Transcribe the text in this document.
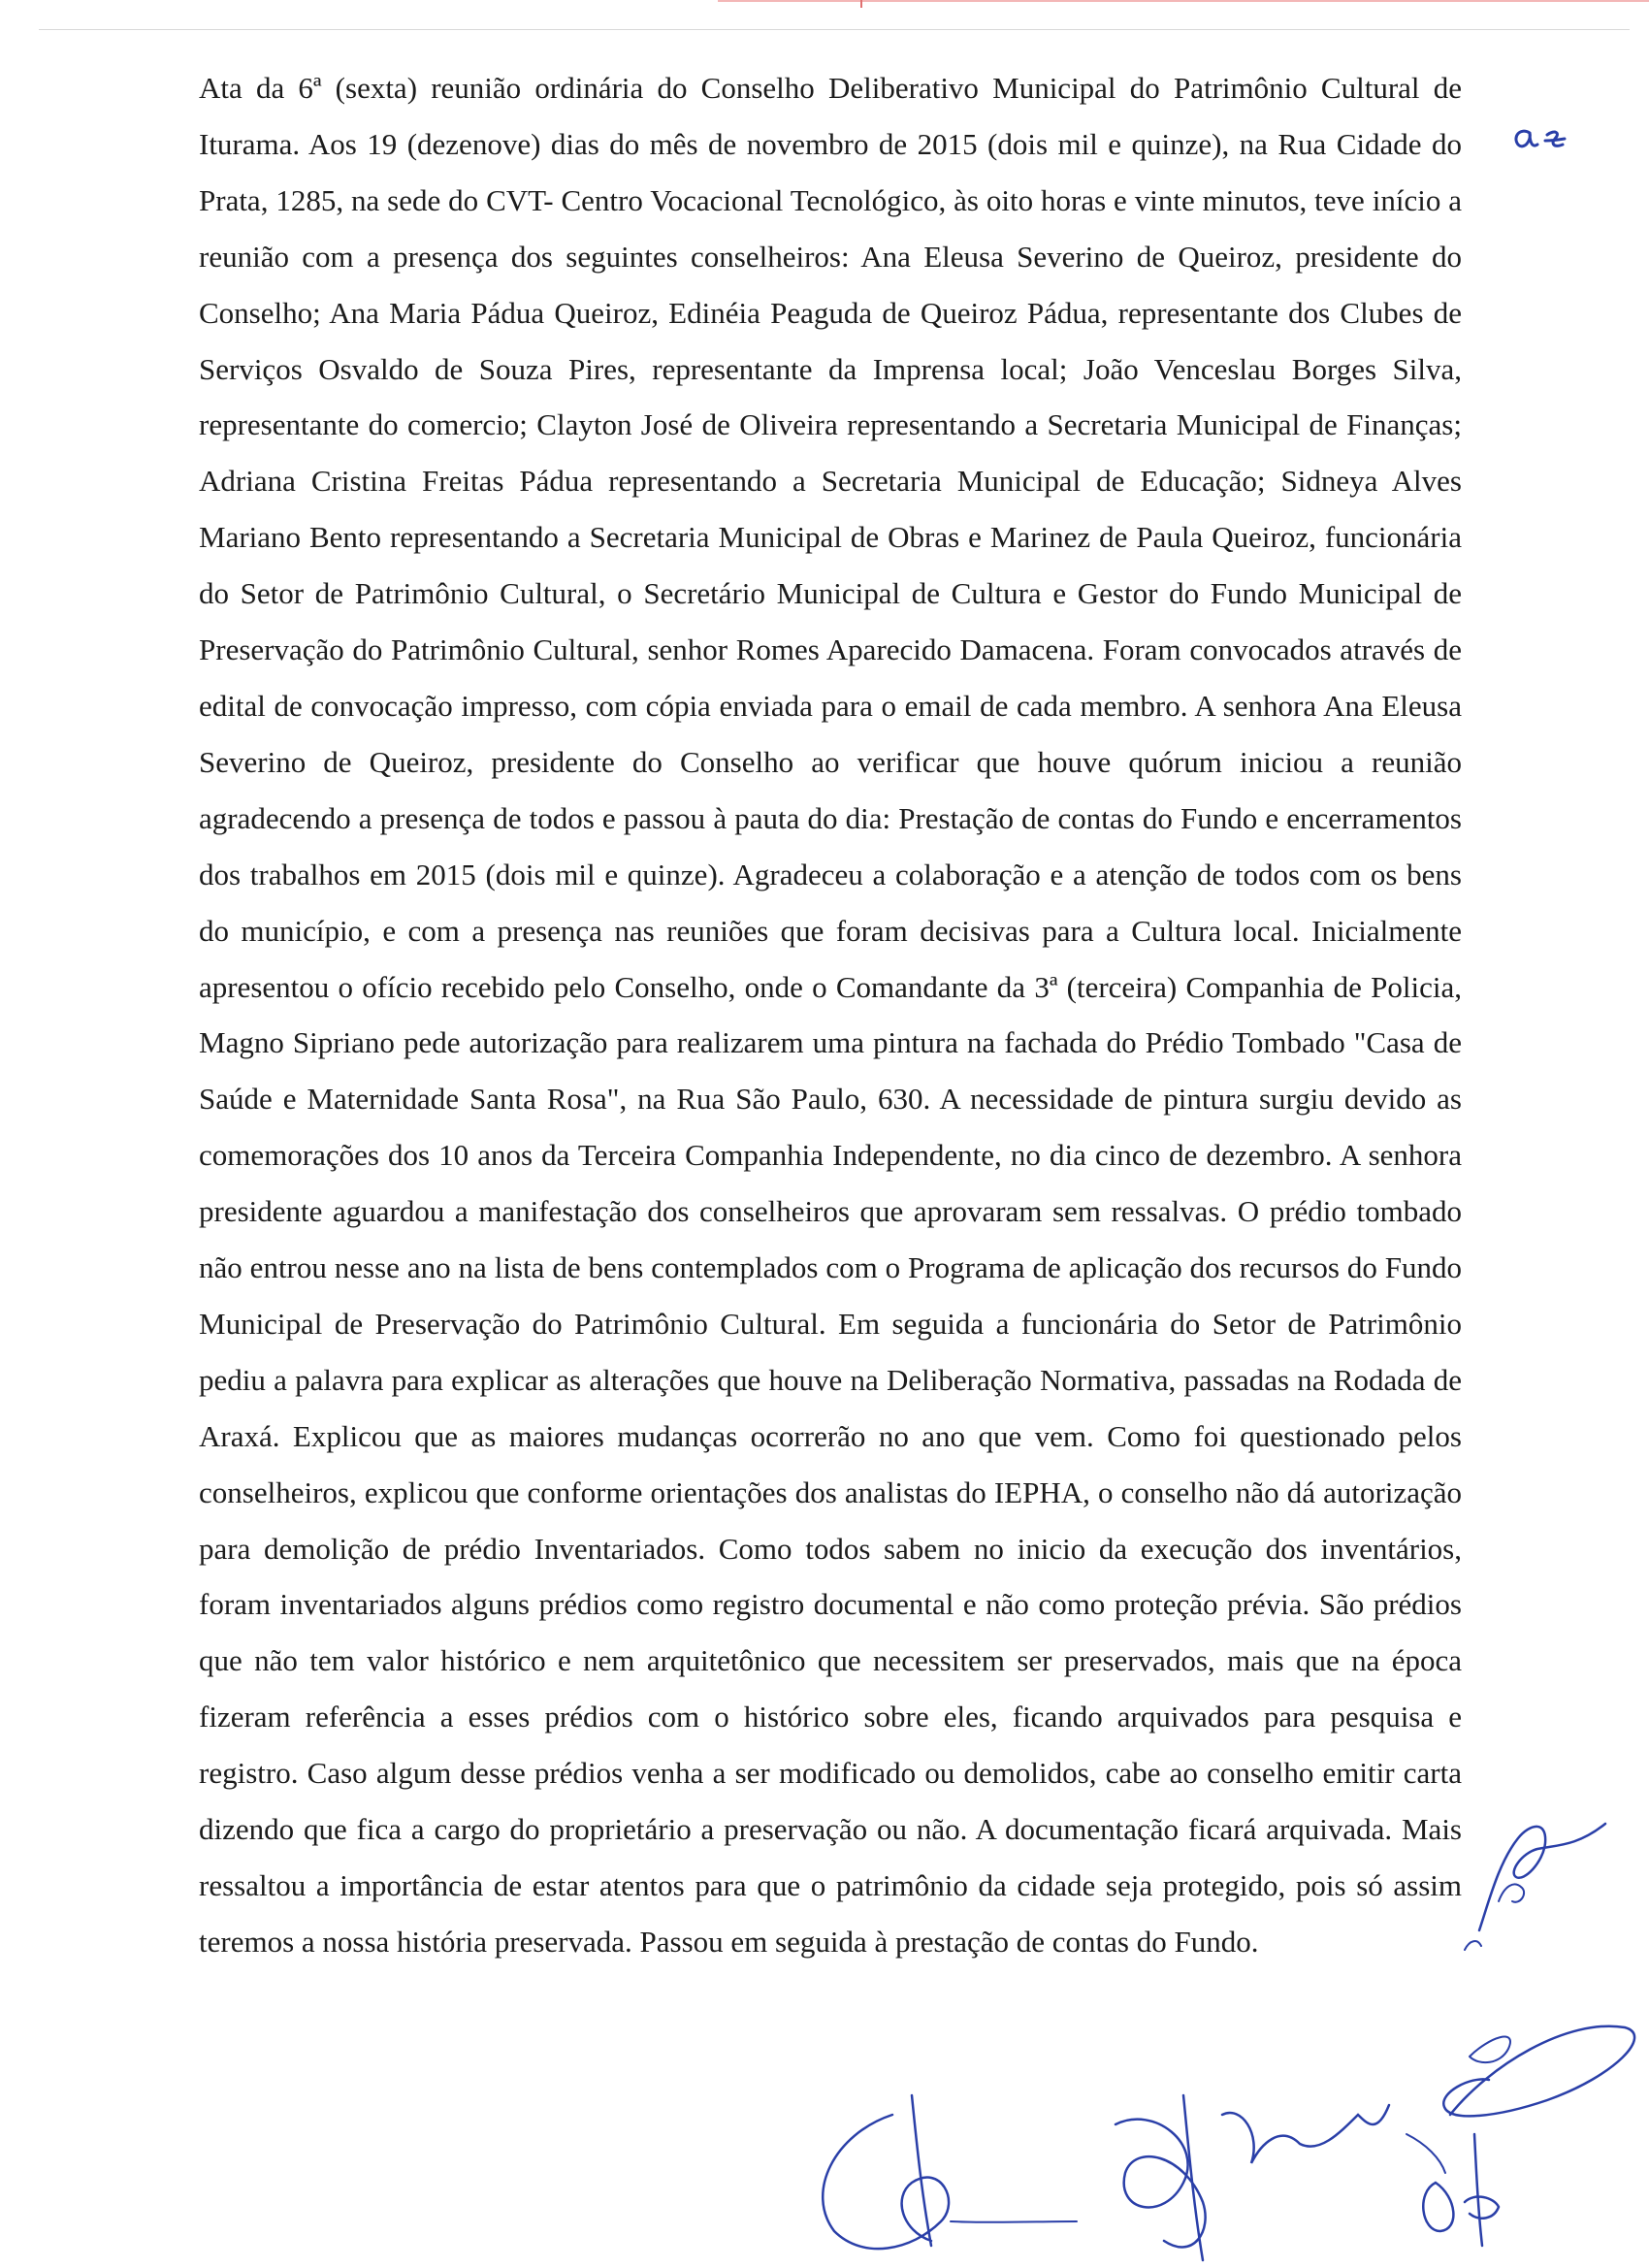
Ata da 6ª (sexta) reunião ordinária do Conselho Deliberativo Municipal do Patrimônio Cultural de Iturama. Aos 19 (dezenove) dias do mês de novembro de 2015 (dois mil e quinze), na Rua Cidade do Prata, 1285, na sede do CVT- Centro Vocacional Tecnológico, às oito horas e vinte minutos, teve início a reunião com a presença dos seguintes conselheiros: Ana Eleusa Severino de Queiroz, presidente do Conselho; Ana Maria Pádua Queiroz, Edinéia Peaguda de Queiroz Pádua, representante dos Clubes de Serviços Osvaldo de Souza Pires, representante da Imprensa local; João Venceslau Borges Silva, representante do comercio; Clayton José de Oliveira representando a Secretaria Municipal de Finanças; Adriana Cristina Freitas Pádua representando a Secretaria Municipal de Educação; Sidneya Alves Mariano Bento representando a Secretaria Municipal de Obras e Marinez de Paula Queiroz, funcionária do Setor de Patrimônio Cultural, o Secretário Municipal de Cultura e Gestor do Fundo Municipal de Preservação do Patrimônio Cultural, senhor Romes Aparecido Damacena. Foram convocados através de edital de convocação impresso, com cópia enviada para o email de cada membro. A senhora Ana Eleusa Severino de Queiroz, presidente do Conselho ao verificar que houve quórum iniciou a reunião agradecendo a presença de todos e passou à pauta do dia: Prestação de contas do Fundo e encerramentos dos trabalhos em 2015 (dois mil e quinze). Agradeceu a colaboração e a atenção de todos com os bens do município, e com a presença nas reuniões que foram decisivas para a Cultura local. Inicialmente apresentou o ofício recebido pelo Conselho, onde o Comandante da 3ª (terceira) Companhia de Policia, Magno Sipriano pede autorização para realizarem uma pintura na fachada do Prédio Tombado "Casa de Saúde e Maternidade Santa Rosa", na Rua São Paulo, 630. A necessidade de pintura surgiu devido as comemorações dos 10 anos da Terceira Companhia Independente, no dia cinco de dezembro. A senhora presidente aguardou a manifestação dos conselheiros que aprovaram sem ressalvas. O prédio tombado não entrou nesse ano na lista de bens contemplados com o Programa de aplicação dos recursos do Fundo Municipal de Preservação do Patrimônio Cultural. Em seguida a funcionária do Setor de Patrimônio pediu a palavra para explicar as alterações que houve na Deliberação Normativa, passadas na Rodada de Araxá. Explicou que as maiores mudanças ocorrerão no ano que vem. Como foi questionado pelos conselheiros, explicou que conforme orientações dos analistas do IEPHA, o conselho não dá autorização para demolição de prédio Inventariados. Como todos sabem no inicio da execução dos inventários, foram inventariados alguns prédios como registro documental e não como proteção prévia. São prédios que não tem valor histórico e nem arquitetônico que necessitem ser preservados, mais que na época fizeram referência a esses prédios com o histórico sobre eles, ficando arquivados para pesquisa e registro. Caso algum desse prédios venha a ser modificado ou demolidos, cabe ao conselho emitir carta dizendo que fica a cargo do proprietário a preservação ou não. A documentação ficará arquivada. Mais ressaltou a importância de estar atentos para que o patrimônio da cidade seja protegido, pois só assim teremos a nossa história preservada. Passou em seguida à prestação de contas do Fundo.
